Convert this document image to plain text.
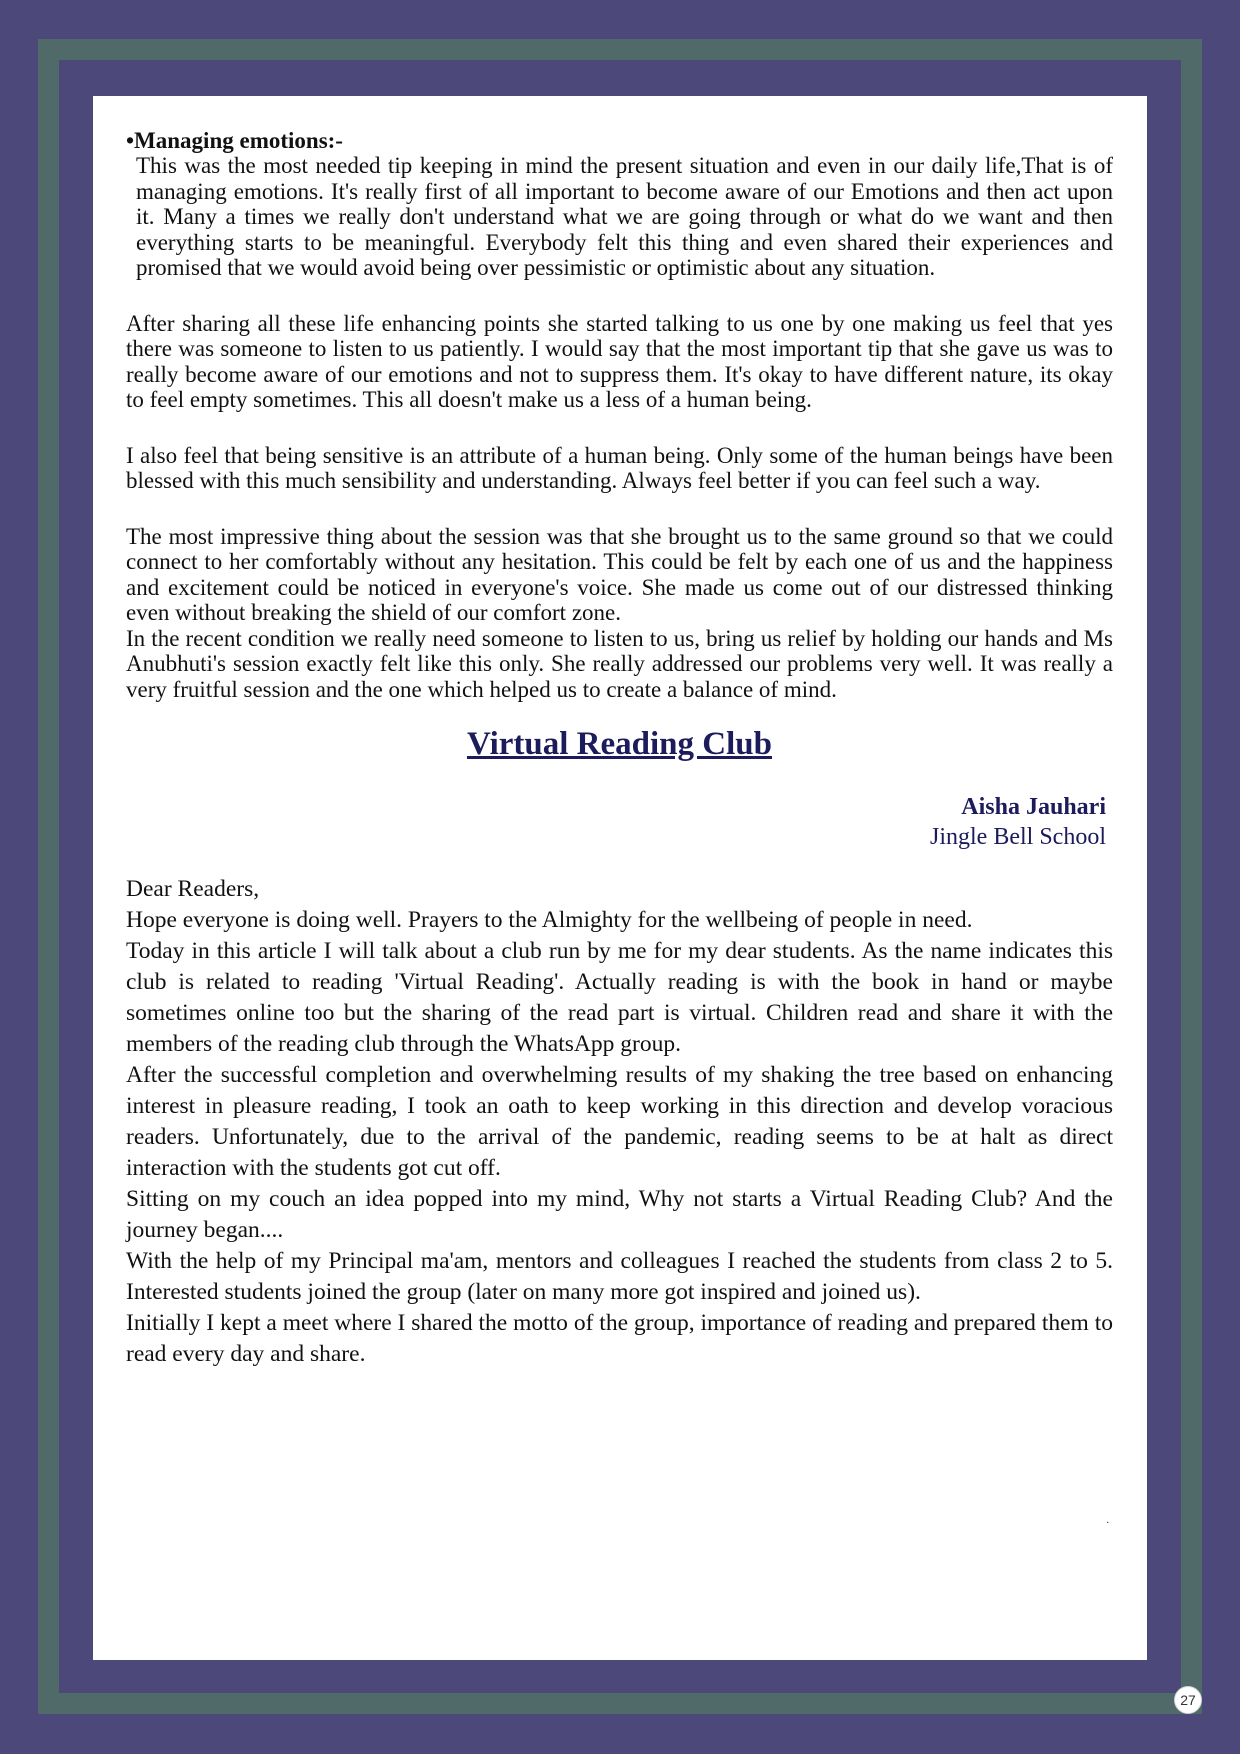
•Managing emotions:-

This was the most needed tip keeping in mind the present situation and even in our daily life,That is of managing emotions. It's really first of all important to become aware of our Emotions and then act upon it. Many a times we really don't understand what we are going through or what do we want and then everything starts to be meaningful. Everybody felt this thing and even shared their experiences and promised that we would avoid being over pessimistic or optimistic about any situation.

After sharing all these life enhancing points she started talking to us one by one making us feel that yes there was someone to listen to us patiently. I would say that the most important tip that she gave us was to really become aware of our emotions and not to suppress them. It's okay to have different nature, its okay to feel empty sometimes. This all doesn't make us a less of a human being.

I also feel that being sensitive is an attribute of a human being. Only some of the human beings have been blessed with this much sensibility and understanding. Always feel better if you can feel such a way.

The most impressive thing about the session was that she brought us to the same ground so that we could connect to her comfortably without any hesitation. This could be felt by each one of us and the happiness and excitement could be noticed in everyone's voice. She made us come out of our distressed thinking even without breaking the shield of our comfort zone.

In the recent condition we really need someone to listen to us, bring us relief by holding our hands and Ms Anubhuti's session exactly felt like this only. She really addressed our problems very well. It was really a very fruitful session and the one which helped us to create a balance of mind.

Virtual Reading Club
Aisha Jauhari
Jingle Bell School

Dear Readers,

Hope everyone is doing well. Prayers to the Almighty for the wellbeing of people in need.

Today in this article I will talk about a club run by me for my dear students. As the name indicates this club is related to reading 'Virtual Reading'. Actually reading is with the book in hand or maybe sometimes online too but the sharing of the read part is virtual. Children read and share it with the members of the reading club through the WhatsApp group.

After the successful completion and overwhelming results of my shaking the tree based on enhancing interest in pleasure reading, I took an oath to keep working in this direction and develop voracious readers. Unfortunately, due to the arrival of the pandemic, reading seems to be at halt as direct interaction with the students got cut off.

Sitting on my couch an idea popped into my mind, Why not starts a Virtual Reading Club? And the journey began....

With the help of my Principal ma'am, mentors and colleagues I reached the students from class 2 to 5. Interested students joined the group (later on many more got inspired and joined us).

Initially I kept a meet where I shared the motto of the group, importance of reading and prepared them to read every day and share.

.
27
